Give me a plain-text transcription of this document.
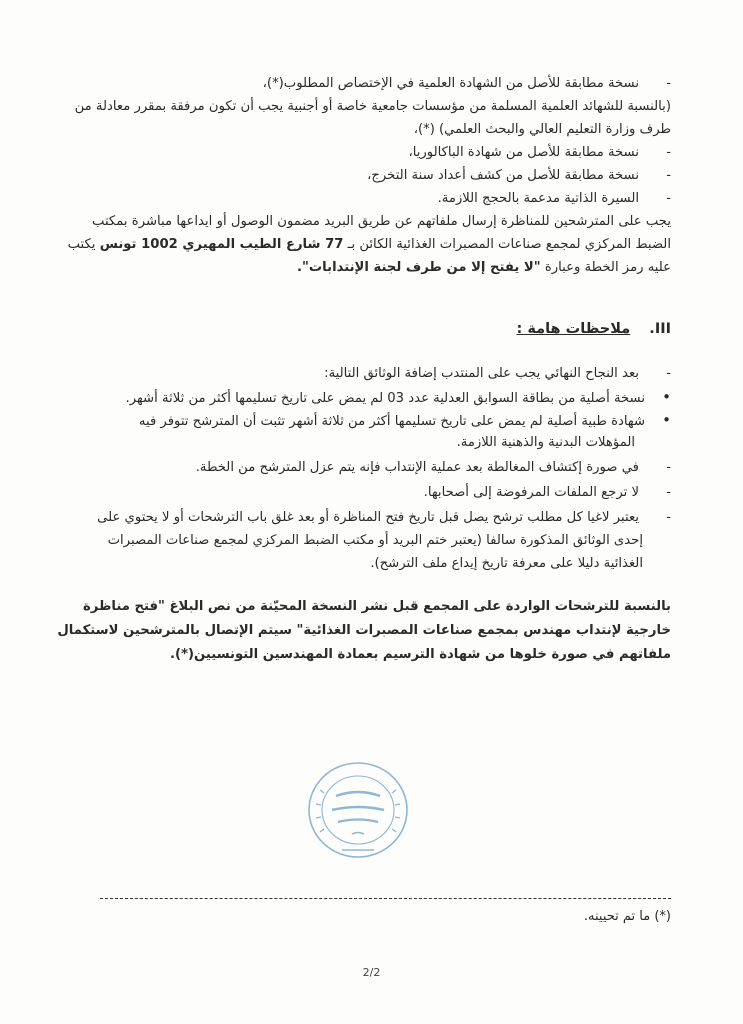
- نسخة مطابقة للأصل من الشهادة العلمية في الإختصاص المطلوب(*)،
(بالنسبة للشهائد العلمية المسلمة من مؤسسات جامعية خاصة أو أجنبية يجب أن تكون مرفقة بمقرر معادلة من
طرف وزارة التعليم العالي والبحث العلمي) (*)،
- نسخة مطابقة للأصل من شهادة الباكالوريا،
- نسخة مطابقة للأصل من كشف أعداد سنة التخرج،
- السيرة الذاتية مدعمة بالحجج اللازمة.
يجب على المترشحين للمناظرة إرسال ملفاتهم عن طريق البريد مضمون الوصول أو ايداعها مباشرة بمكتب
الضبط المركزي لمجمع صناعات المصبرات الغذائية الكائن بـ 77 شارع الطيب المهيري 1002 تونس يكتب
عليه رمز الخطة وعبارة "لا يفتح إلا من طرف لجنة الإنتدابات".
III. ملاحظات هامة :
- بعد النجاح النهائي يجب على المنتدب إضافة الوثائق التالية:
• نسخة أصلية من بطاقة السوابق العدلية عدد 03 لم يمض على تاريخ تسليمها أكثر من ثلاثة أشهر.
• شهادة طبية أصلية لم يمض على تاريخ تسليمها أكثر من ثلاثة أشهر تثبت أن المترشح تتوفر فيه
المؤهلات البدنية والذهنية اللازمة.
- في صورة إكتشاف المغالطة بعد عملية الإنتداب فإنه يتم عزل المترشح من الخطة.
- لا ترجع الملفات المرفوضة إلى أصحابها.
- يعتبر لاغيا كل مطلب ترشح يصل قبل تاريخ فتح المناظرة أو بعد غلق باب الترشحات أو لا يحتوي على
إحدى الوثائق المذكورة سالفا (يعتبر ختم البريد أو مكتب الضبط المركزي لمجمع صناعات المصبرات
الغذائية دليلا على معرفة تاريخ إيداع ملف الترشح).
بالنسبة للترشحات الواردة على المجمع قبل نشر النسخة المحيّنة من نص البلاغ "فتح مناظرة
خارجية لإنتداب مهندس بمجمع صناعات المصبرات الغذائية" سيتم الإتصال بالمترشحين لاستكمال
ملفاتهم في صورة خلوها من شهادة الترسيم بعمادة المهندسين التونسيين(*).
(*) ما تم تحيينه.
2/2
